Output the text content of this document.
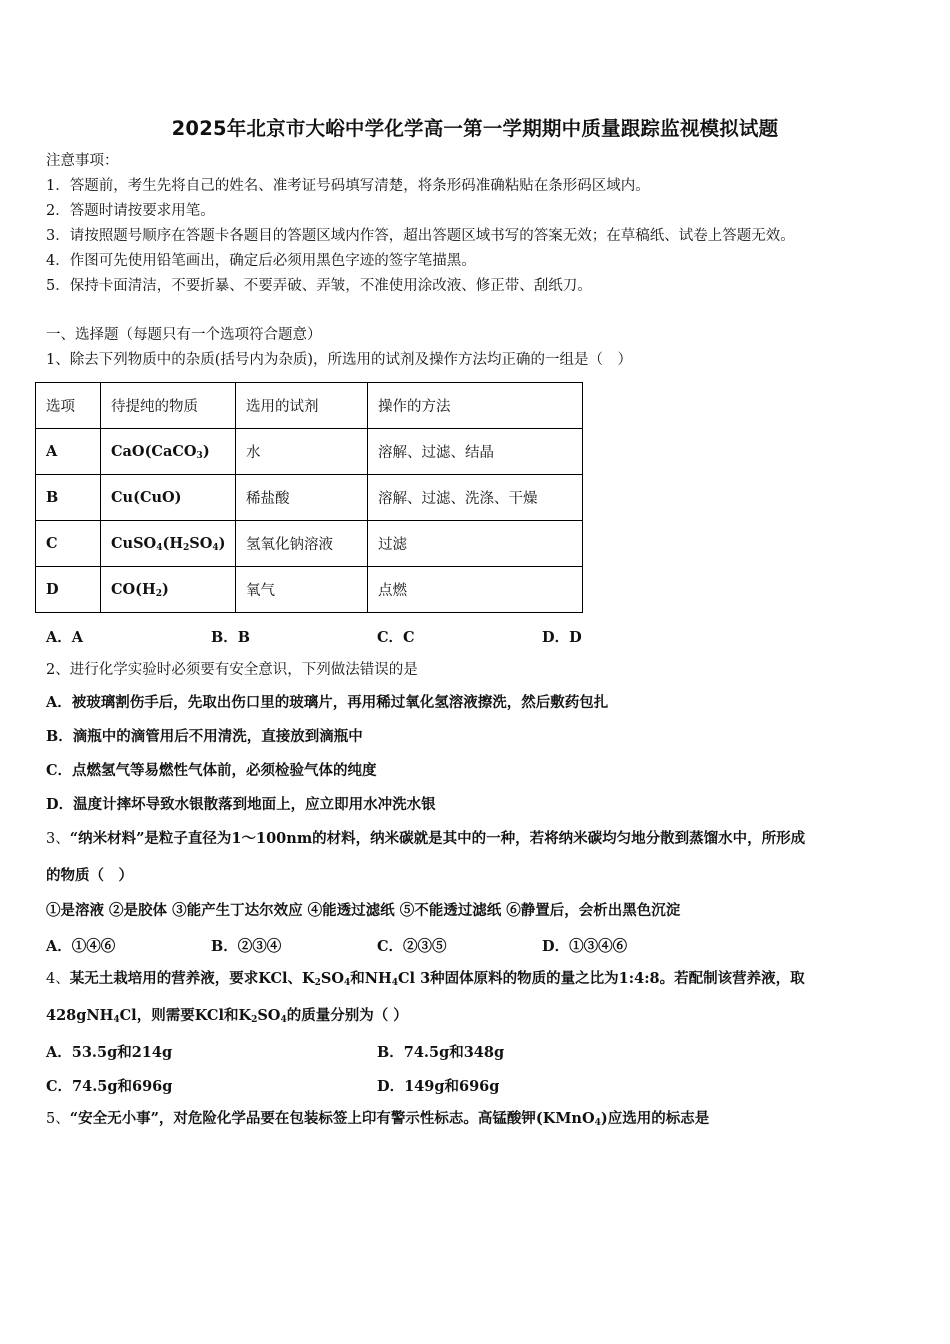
2025年北京市大峪中学化学高一第一学期期中质量跟踪监视模拟试题
注意事项：
1．答题前，考生先将自己的姓名、准考证号码填写清楚，将条形码准确粘贴在条形码区域内。
2．答题时请按要求用笔。
3．请按照题号顺序在答题卡各题目的答题区域内作答，超出答题区域书写的答案无效；在草稿纸、试卷上答题无效。
4．作图可先使用铅笔画出，确定后必须用黑色字迹的签字笔描黑。
5．保持卡面清洁，不要折暴、不要弄破、弄皱，不准使用涂改液、修正带、刮纸刀。
一、选择题（每题只有一个选项符合题意）
1、除去下列物质中的杂质(括号内为杂质)，所选用的试剂及操作方法均正确的一组是（　）
选项	待提纯的物质	选用的试剂	操作的方法
A	CaO(CaCO$_3$)	水	溶解、过滤、结晶
B	Cu(CuO)	稀盐酸	溶解、过滤、洗涤、干燥
C	$CuSO_4(H_2SO_4)$	氢氧化钠溶液	过滤
D	$CO(H_2)$	氧气	点燃
A．A	B．B	C．C	D．D
2、进行化学实验时必须要有安全意识，下列做法错误的是
A．被玻璃割伤手后，先取出伤口里的玻璃片，再用稀过氧化氢溶液擦洗，然后敷药包扎
B．滴瓶中的滴管用后不用清洗，直接放到滴瓶中
C．点燃氢气等易燃性气体前，必须检验气体的纯度
D．温度计摔坏导致水银散落到地面上，应立即用水冲洗水银
3、“纳米材料”是粒子直径为1～100nm的材料，纳米碳就是其中的一种，若将纳米碳均匀地分散到蒸馏水中，所形成
的物质（　）
①是溶液 ②是胶体 ③能产生丁达尔效应 ④能透过滤纸 ⑤不能透过滤纸 ⑥静置后，会析出黑色沉淀
A．①④⑥	B．②③④	C．②③⑤	D．①③④⑥
4、某无土栽培用的营养液，要求KCl、$K_2SO_4$和$NH_4Cl$ 3种固体原料的物质的量之比为1:4:8。若配制该营养液，取
428gNH$_4$Cl，则需要KCl和$K_2SO_4$的质量分别为（ ）
A．53.5g和214g	B．74.5g和348g
C．74.5g和696g	D．149g和696g
5、“安全无小事”，对危险化学品要在包装标签上印有警示性标志。高锰酸钾(KMnO$_4$)应选用的标志是
